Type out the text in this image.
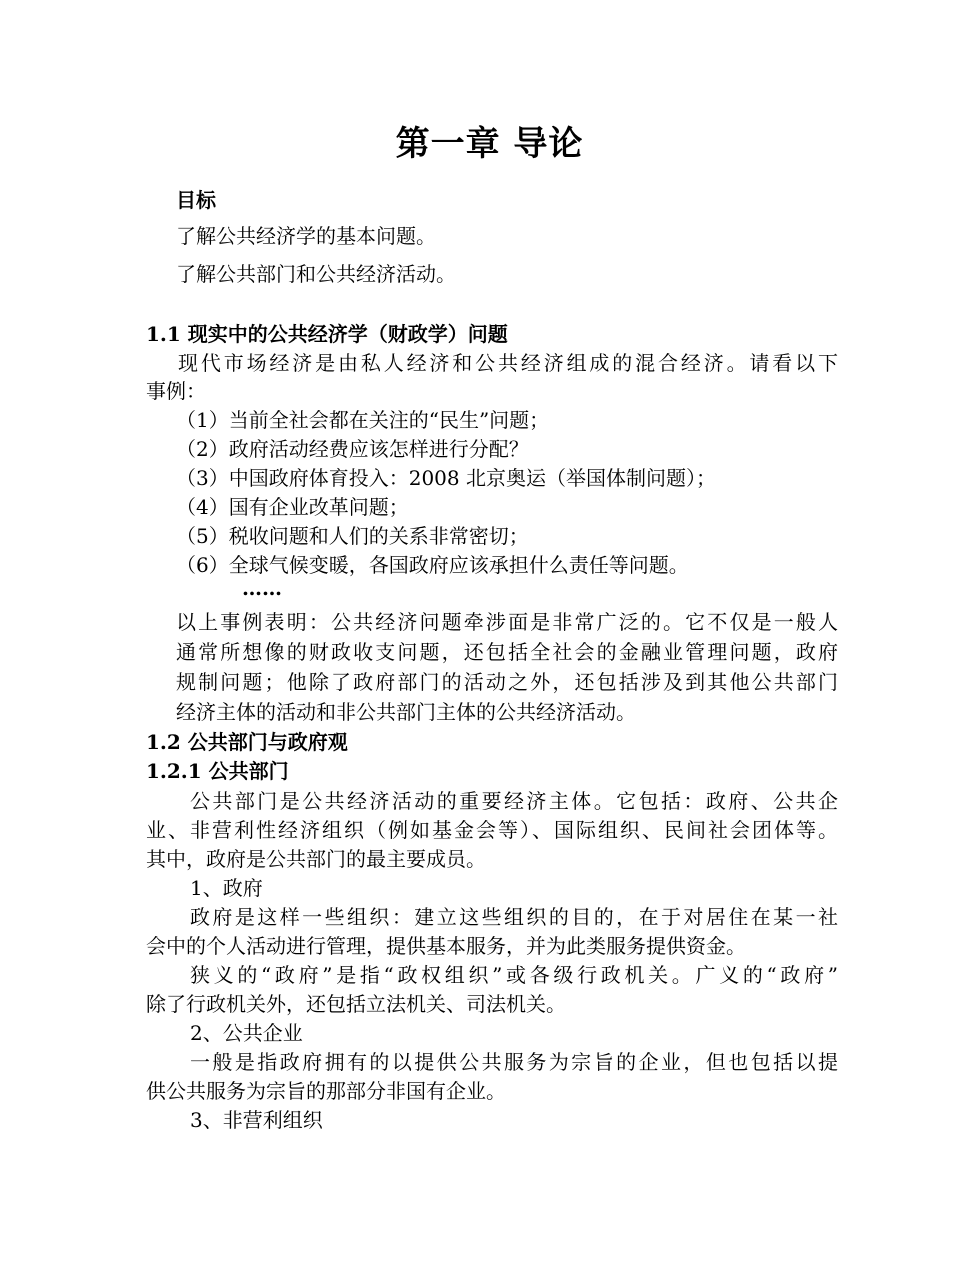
第一章 导论
目标
了解公共经济学的基本问题。
了解公共部门和公共经济活动。
1.1 现实中的公共经济学（财政学）问题
现代市场经济是由私人经济和公共经济组成的混合经济。请看以下
事例：
（1）当前全社会都在关注的“民生”问题；
（2）政府活动经费应该怎样进行分配？
（3）中国政府体育投入：2008 北京奥运（举国体制问题）；
（4）国有企业改革问题；
（5）税收问题和人们的关系非常密切；
（6）全球气候变暖，各国政府应该承担什么责任等问题。
……
以上事例表明：公共经济问题牵涉面是非常广泛的。它不仅是一般人
通常所想像的财政收支问题，还包括全社会的金融业管理问题，政府
规制问题；他除了政府部门的活动之外，还包括涉及到其他公共部门
经济主体的活动和非公共部门主体的公共经济活动。
1.2 公共部门与政府观
1.2.1 公共部门
公共部门是公共经济活动的重要经济主体。它包括：政府、公共企
业、非营利性经济组织（例如基金会等）、国际组织、民间社会团体等。
其中，政府是公共部门的最主要成员。
1、政府
政府是这样一些组织：建立这些组织的目的，在于对居住在某一社
会中的个人活动进行管理，提供基本服务，并为此类服务提供资金。
狭义的“政府”是指“政权组织”或各级行政机关。广义的“政府”
除了行政机关外，还包括立法机关、司法机关。
2、公共企业
一般是指政府拥有的以提供公共服务为宗旨的企业，但也包括以提
供公共服务为宗旨的那部分非国有企业。
3、非营利组织
